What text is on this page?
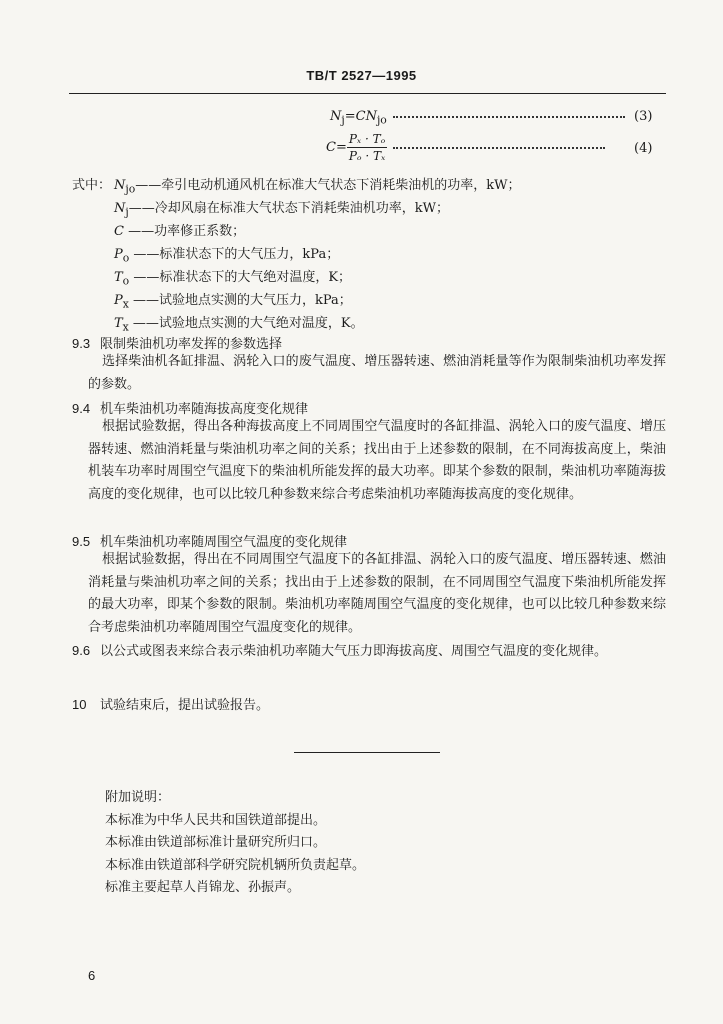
TB/T 2527—1995
$N_j=CN_{jo}$	(3)
$C= \frac{\text{Pₓ · Tₒ}}{\text{Pₒ · Tₓ}}$	(4)
式中： $N_{jo}——$牵引电动机通风机在标准大气状态下消耗柴油机的功率，kW；
$N_j——$冷却风扇在标准大气状态下消耗柴油机功率，kW；
C ——功率修正系数；
$P_o$ ——标准状态下的大气压力，kPa；
$T_o$ ——标准状态下的大气绝对温度，K；
$P_x$ ——试验地点实测的大气压力，kPa；
$T_x$ ——试验地点实测的大气绝对温度，K。
9.3 限制柴油机功率发挥的参数选择
选择柴油机各缸排温、涡轮入口的废气温度、增压器转速、燃油消耗量等作为限制柴油机功率发挥的参数。
9.4 机车柴油机功率随海拔高度变化规律
根据试验数据，得出各种海拔高度上不同周围空气温度时的各缸排温、涡轮入口的废气温度、增压器转速、燃油消耗量与柴油机功率之间的关系；找出由于上述参数的限制，在不同海拔高度上，柴油机装车功率时周围空气温度下的柴油机所能发挥的最大功率。即某个参数的限制，柴油机功率随海拔高度的变化规律，也可以比较几种参数来综合考虑柴油机功率随海拔高度的变化规律。
9.5 机车柴油机功率随周围空气温度的变化规律
根据试验数据，得出在不同周围空气温度下的各缸排温、涡轮入口的废气温度、增压器转速、燃油消耗量与柴油机功率之间的关系；找出由于上述参数的限制，在不同周围空气温度下柴油机所能发挥的最大功率，即某个参数的限制。柴油机功率随周围空气温度的变化规律，也可以比较几种参数来综合考虑柴油机功率随周围空气温度变化的规律。
9.6 以公式或图表来综合表示柴油机功率随大气压力即海拔高度、周围空气温度的变化规律。
10 试验结束后，提出试验报告。
附加说明：
本标准为中华人民共和国铁道部提出。
本标准由铁道部标准计量研究所归口。
本标准由铁道部科学研究院机辆所负责起草。
标准主要起草人肖锦龙、孙振声。
6
